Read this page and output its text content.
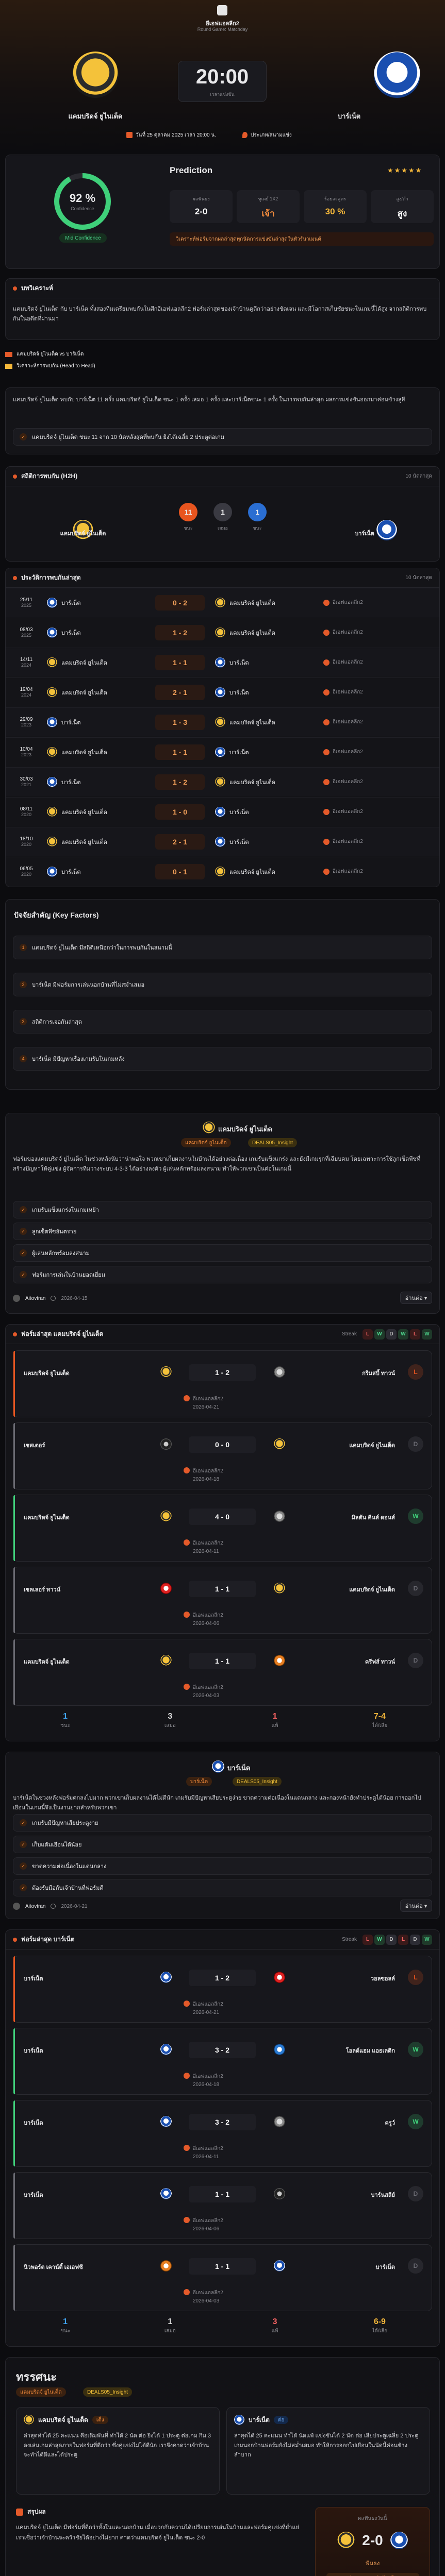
อีเอฟแอลลีก2
Round Game: Matchday

แคมบริดจ์ ยูไนเต็ด	บาร์เน็ต
20:00
เวลาแข่งขัน
วันที่ 25 ตุลาคม 2025 เวลา 20:00 น.	ประเภท/สนามแข่ง
92 %
Confidence
Mid Confidence
Prediction	★★★★★
ผลฟันธง
2-0
ทูเดย์ 1X2
เจ้า
ร้อยละสูตร
30 %
สูง/ต่ำ
สูง
วิเคราะห์ฟอร์มจากผลล่าสุดทุกนัดการแข่งขันล่าสุดในทัวร์นาเมนต์
บทวิเคราะห์
แคมบริดจ์ ยูไนเต็ด กับ บาร์เน็ต ทั้งสองทีมเตรียมพบกันในศึกอีเอฟแอลลีก2 ฟอร์มล่าสุดของเจ้าบ้านดูดีกว่าอย่างชัดเจน และมีโอกาสเก็บชัยชนะในเกมนี้ได้สูง จากสถิติการพบกันในอดีตที่ผ่านมา
แคมบริดจ์ ยูไนเต็ด vs บาร์เน็ต
วิเคราะห์การพบกัน (Head to Head)
แคมบริดจ์ ยูไนเต็ด พบกับ บาร์เน็ต 11 ครั้ง แคมบริดจ์ ยูไนเต็ด ชนะ 1 ครั้ง เสมอ 1 ครั้ง และบาร์เน็ตชนะ 1 ครั้ง ในการพบกันล่าสุด ผลการแข่งขันออกมาค่อนข้างสูสี
✓ แคมบริดจ์ ยูไนเต็ด ชนะ 11 จาก 10 นัดหลังสุดที่พบกัน ยิงได้เฉลี่ย 2 ประตูต่อเกม
สถิติการพบกัน (H2H)	10 นัดล่าสุด

แคมบริดจ์ ยูไนเต็ด	บาร์เน็ต
11
ชนะ
1
เสมอ
1
ชนะ
ประวัติการพบกันล่าสุด	10 นัดล่าสุด
25/11
2025	บาร์เน็ต	0 - 2	แคมบริดจ์ ยูไนเต็ด	อีเอฟแอลลีก2
08/03
2025	บาร์เน็ต	1 - 2	แคมบริดจ์ ยูไนเต็ด	อีเอฟแอลลีก2
14/11
2024	แคมบริดจ์ ยูไนเต็ด	1 - 1	บาร์เน็ต	อีเอฟแอลลีก2
19/04
2024	แคมบริดจ์ ยูไนเต็ด	2 - 1	บาร์เน็ต	อีเอฟแอลลีก2
29/09
2023	บาร์เน็ต	1 - 3	แคมบริดจ์ ยูไนเต็ด	อีเอฟแอลลีก2
10/04
2023	แคมบริดจ์ ยูไนเต็ด	1 - 1	บาร์เน็ต	อีเอฟแอลลีก2
30/03
2021	บาร์เน็ต	1 - 2	แคมบริดจ์ ยูไนเต็ด	อีเอฟแอลลีก2
08/11
2020	แคมบริดจ์ ยูไนเต็ด	1 - 0	บาร์เน็ต	อีเอฟแอลลีก2
18/10
2020	แคมบริดจ์ ยูไนเต็ด	2 - 1	บาร์เน็ต	อีเอฟแอลลีก2
06/05
2020	บาร์เน็ต	0 - 1	แคมบริดจ์ ยูไนเต็ด	อีเอฟแอลลีก2
ปัจจัยสำคัญ (Key Factors)
1	แคมบริดจ์ ยูไนเต็ด มีสถิติเหนือกว่าในการพบกันในสนามนี้
2	บาร์เน็ต มีฟอร์มการเล่นนอกบ้านที่ไม่สม่ำเสมอ
3	สถิติการเจอกันล่าสุด
4	บาร์เน็ต มีปัญหาเรื่องเกมรับในเกมหลัง
แคมบริดจ์ ยูไนเต็ด
แคมบริดจ์ ยูไนเต็ด	DEALS05_Insight
ฟอร์มของแคมบริดจ์ ยูไนเต็ด ในช่วงหลังนับว่าน่าพอใจ พวกเขาเก็บผลงานในบ้านได้อย่างต่อเนื่อง เกมรับแข็งแกร่ง และยังมีเกมรุกที่เฉียบคม โดยเฉพาะการใช้ลูกเซ็ตพีซที่สร้างปัญหาให้คู่แข่ง ผู้จัดการทีมวางระบบ 4-3-3 ได้อย่างลงตัว ผู้เล่นหลักพร้อมลงสนาม ทำให้พวกเขาเป็นต่อในเกมนี้
✓ เกมรับแข็งแกร่งในเกมเหย้า
✓ ลูกเซ็ตพีซอันตราย
✓ ผู้เล่นหลักพร้อมลงสนาม
✓ ฟอร์มการเล่นในบ้านยอดเยี่ยม
Aitovtran	2026-04-15	อ่านต่อ ▾
ฟอร์มล่าสุด แคมบริดจ์ ยูไนเต็ด	Streak	L W D W L W
แคมบริดจ์ ยูไนเต็ด	1 - 2	กริมสบี้ ทาวน์	L
อีเอฟแอลลีก2
2026-04-21
เชสเตอร์	0 - 0	แคมบริดจ์ ยูไนเต็ด	D
อีเอฟแอลลีก2
2026-04-18
แคมบริดจ์ ยูไนเต็ด	4 - 0	มิลตัน คีนส์ ดอนส์	W
อีเอฟแอลลีก2
2026-04-11
เซลเลอร์ ทาวน์	1 - 1	แคมบริดจ์ ยูไนเต็ด	D
อีเอฟแอลลีก2
2026-04-06
แคมบริดจ์ ยูไนเต็ด	1 - 1	ครีฟส์ ทาวน์	D
อีเอฟแอลลีก2
2026-04-03
1
ชนะ
3
เสมอ
1
แพ้
7-4
ได้/เสีย
บาร์เน็ต
บาร์เน็ต	DEALS05_Insight
บาร์เน็ตในช่วงหลังฟอร์มตกลงไปมาก พวกเขาเก็บผลงานได้ไม่ดีนัก เกมรับมีปัญหาเสียประตูง่าย ขาดความต่อเนื่องในแดนกลาง และกองหน้ายังทำประตูได้น้อย การออกไปเยือนในเกมนี้จึงเป็นงานยากสำหรับพวกเขา
✓ เกมรับมีปัญหาเสียประตูง่าย
✓ เก็บแต้มเยือนได้น้อย
✓ ขาดความต่อเนื่องในแดนกลาง
✓ ต้องรับมือกับเจ้าบ้านที่ฟอร์มดี
Aitovtran	2026-04-21	อ่านต่อ ▾
ฟอร์มล่าสุด บาร์เน็ต	Streak	L W D L D W
บาร์เน็ต	1 - 2	วอลซอลล์	L
อีเอฟแอลลีก2
2026-04-21
บาร์เน็ต	3 - 2	โอลด์แฮม แอธเลติก	W
อีเอฟแอลลีก2
2026-04-18
บาร์เน็ต	3 - 2	ครูว์	W
อีเอฟแอลลีก2
2026-04-11
บาร์เน็ต	1 - 1	บาร์นสลีย์	D
อีเอฟแอลลีก2
2026-04-06
นิวพอร์ต เคาน์ตี้ เอเอฟซี	1 - 1	บาร์เน็ต	D
อีเอฟแอลลีก2
2026-04-03
1
ชนะ
1
เสมอ
3
แพ้
6-9
ได้/เสีย
ทรรศนะ
แคมบริดจ์ ยูไนเต็ด	DEALS05_Insight
แคมบริดจ์ ยูไนเต็ด	เต็ง
ล่าสุดทำได้ 25 คะแนน คือเดิมพันที่ ทำได้ 2 นัด ต่อ ยิงได้ 1 ประตู ต่อเกม กิม 3 ลงเล่นเกมล่าสุดภายในฟอร์มที่ดีกว่า ซึ่งคู่แข่งไม่ได้ดีนัก เราจึงคาดว่าเจ้าบ้านจะทำได้ดีและได้ประตู
บาร์เน็ต	ต่อ
ล่าสุดได้ 25 คะแนน ทำได้ นัดแพ้ แข่งขันได้ 2 นัด ต่อ เสียประตูเฉลี่ย 2 ประตู เกมนอกบ้านฟอร์มยังไม่สม่ำเสมอ ทำให้การออกไปเยือนในนัดนี้ค่อนข้างลำบาก
สรุปผล
แคมบริดจ์ ยูไนเต็ด มีฟอร์มที่ดีกว่าทั้งในและนอกบ้าน เมื่อบวกกับความได้เปรียบการเล่นในบ้านและฟอร์มคู่แข่งที่ย่ำแย่ เราเชื่อว่าเจ้าบ้านจะคว้าชัยได้อย่างไม่ยาก คาดว่าแคมบริดจ์ ยูไนเต็ด ชนะ 2-0
ผลฟันธงวันนี้
2-0
ฟันธง
